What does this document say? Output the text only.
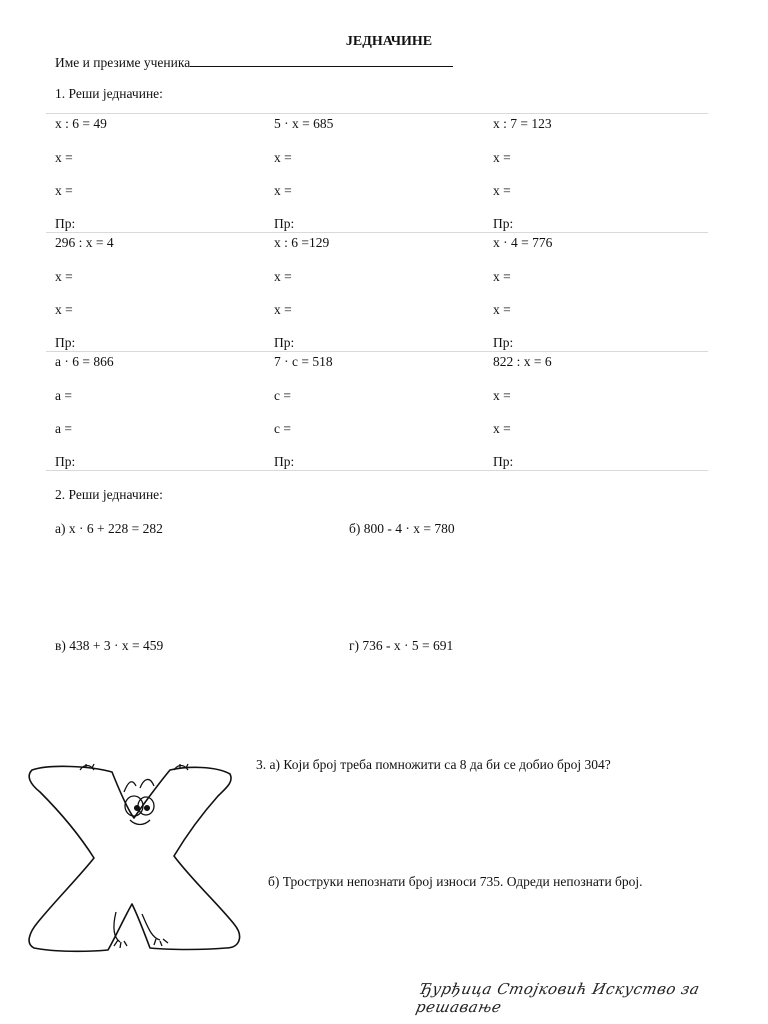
ЈЕДНАЧИНЕ
Име и презиме ученика
1. Реши једначине:
x : 6 = 49
x =
x =
Пр:
5 · x = 685
x =
x =
Пр:
x : 7 = 123
x =
x =
Пр:
296 : x = 4
x =
x =
Пр:
x : 6 =129
x =
x =
Пр:
x · 4 = 776
x =
x =
Пр:
a · 6 = 866
a =
a =
Пр:
7 · c = 518
c =
c =
Пр:
822 : x = 6
x =
x =
Пр:
2. Реши једначине:
а) x · 6 + 228 = 282	б) 800 - 4 · x = 780
в) 438 + 3 · x = 459	г) 736 - x · 5 = 691
3. а) Који број треба помножити са 8 да би се добио број 304?
б) Троструки непознати број износи 735. Одреди непознати број.
Ђурђица Стојковић Искуство за решавање
